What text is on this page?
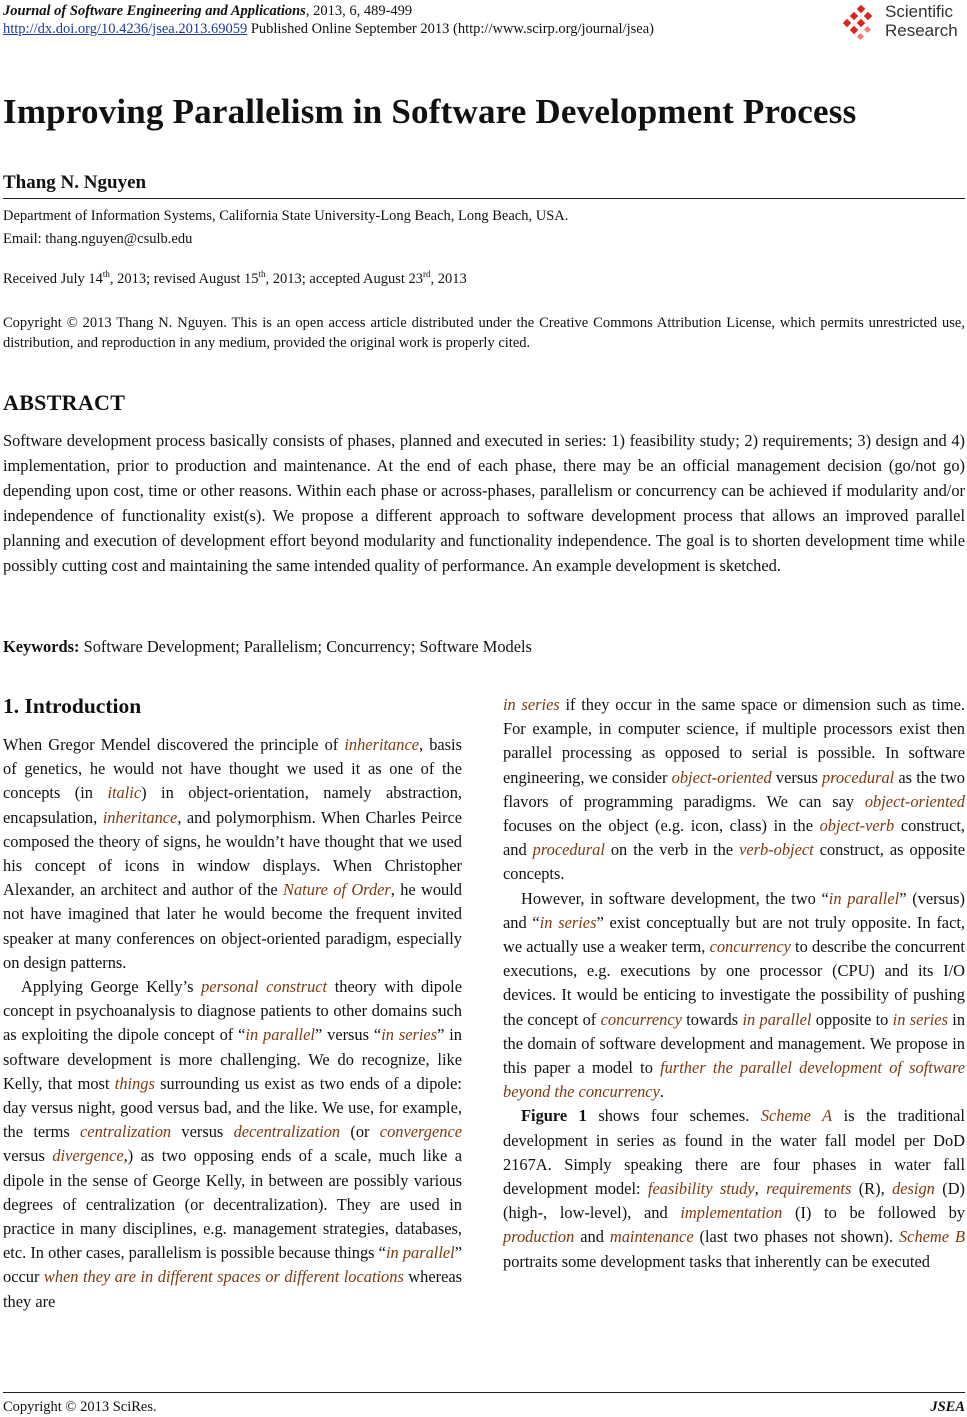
Journal of Software Engineering and Applications, 2013, 6, 489-499
http://dx.doi.org/10.4236/jsea.2013.69059 Published Online September 2013 (http://www.scirp.org/journal/jsea)
Scientific
Research
Improving Parallelism in Software Development Process
Thang N. Nguyen
Department of Information Systems, California State University-Long Beach, Long Beach, USA.
Email: thang.nguyen@csulb.edu
Received July 14th, 2013; revised August 15th, 2013; accepted August 23rd, 2013
Copyright © 2013 Thang N. Nguyen. This is an open access article distributed under the Creative Commons Attribution License, which permits unrestricted use, distribution, and reproduction in any medium, provided the original work is properly cited.
ABSTRACT
Software development process basically consists of phases, planned and executed in series: 1) feasibility study; 2) requirements; 3) design and 4) implementation, prior to production and maintenance. At the end of each phase, there may be an official management decision (go/not go) depending upon cost, time or other reasons. Within each phase or across-phases, parallelism or concurrency can be achieved if modularity and/or independence of functionality exist(s). We propose a different approach to software development process that allows an improved parallel planning and execution of development effort beyond modularity and functionality independence. The goal is to shorten development time while possibly cutting cost and maintaining the same intended quality of performance. An example development is sketched.
Keywords: Software Development; Parallelism; Concurrency; Software Models
1. Introduction

When Gregor Mendel discovered the principle of inheritance, basis of genetics, he would not have thought we used it as one of the concepts (in italic) in object-orientation, namely abstraction, encapsulation, inheritance, and polymorphism. When Charles Peirce composed the theory of signs, he wouldn’t have thought that we used his concept of icons in window displays. When Christopher Alexander, an architect and author of the Nature of Order, he would not have imagined that later he would become the frequent invited speaker at many conferences on object-oriented paradigm, especially on design patterns.

Applying George Kelly’s personal construct theory with dipole concept in psychoanalysis to diagnose patients to other domains such as exploiting the dipole concept of “in parallel” versus “in series” in software development is more challenging. We do recognize, like Kelly, that most things surrounding us exist as two ends of a dipole: day versus night, good versus bad, and the like. We use, for example, the terms centralization versus decentralization (or convergence versus divergence,) as two opposing ends of a scale, much like a dipole in the sense of George Kelly, in between are possibly various degrees of centralization (or decentralization). They are used in practice in many disciplines, e.g. management strategies, databases, etc. In other cases, parallelism is possible because things “in parallel” occur when they are in different spaces or different locations whereas they are

in series if they occur in the same space or dimension such as time. For example, in computer science, if multiple processors exist then parallel processing as opposed to serial is possible. In software engineering, we consider object-oriented versus procedural as the two flavors of programming paradigms. We can say object-oriented focuses on the object (e.g. icon, class) in the object-verb construct, and procedural on the verb in the verb-object construct, as opposite concepts.

However, in software development, the two “in parallel” (versus) and “in series” exist conceptually but are not truly opposite. In fact, we actually use a weaker term, concurrency to describe the concurrent executions, e.g. executions by one processor (CPU) and its I/O devices. It would be enticing to investigate the possibility of pushing the concept of concurrency towards in parallel opposite to in series in the domain of software development and management. We propose in this paper a model to further the parallel development of software beyond the concurrency.

Figure 1 shows four schemes. Scheme A is the traditional development in series as found in the water fall model per DoD 2167A. Simply speaking there are four phases in water fall development model: feasibility study, requirements (R), design (D) (high-, low-level), and implementation (I) to be followed by production and maintenance (last two phases not shown). Scheme B portraits some development tasks that inherently can be executed

Copyright © 2013 SciRes.	JSEA
